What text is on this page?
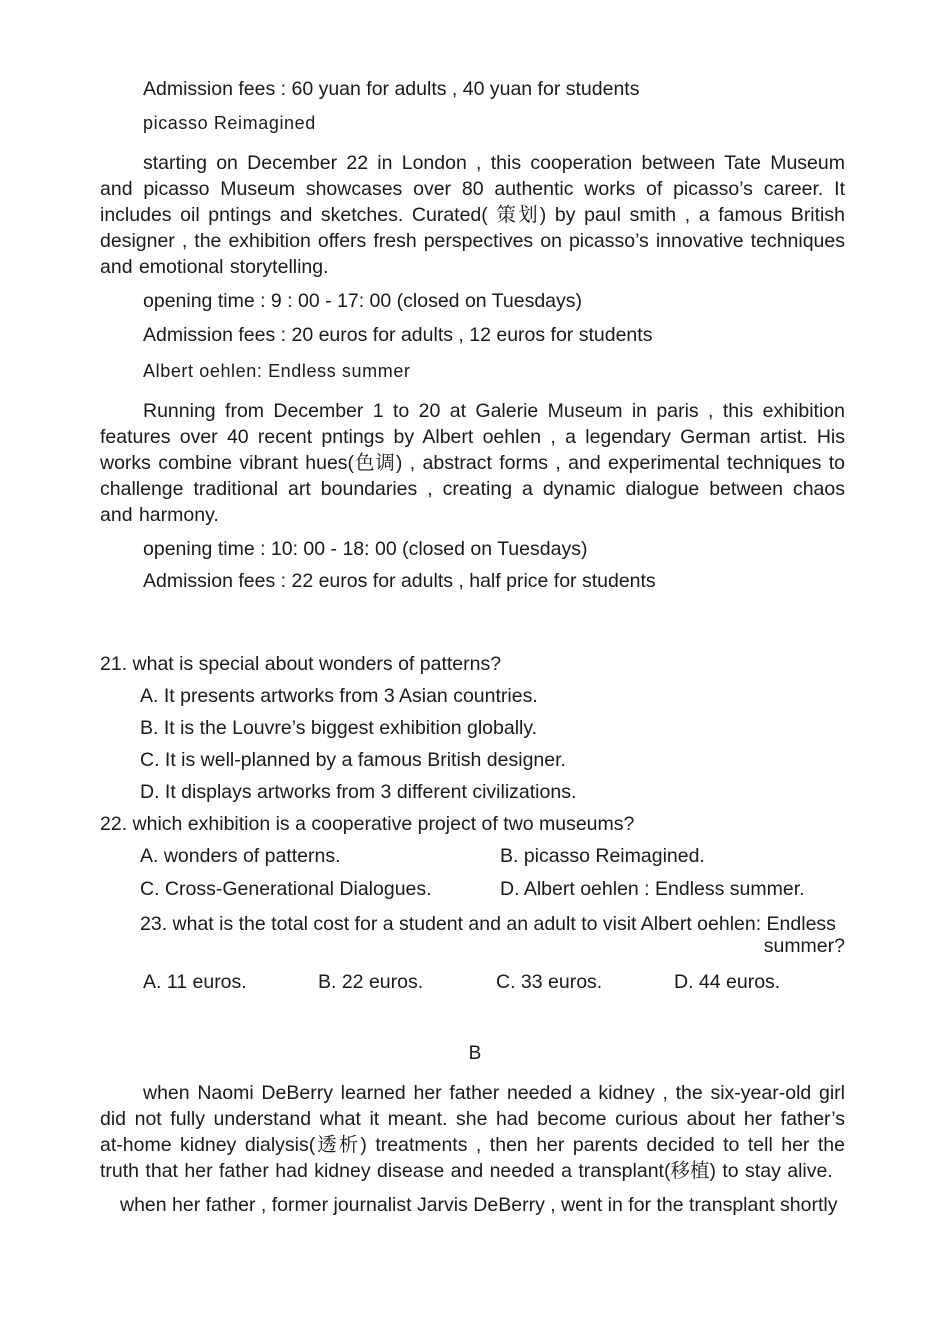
Admission fees : 60 yuan for adults , 40 yuan for students
picasso Reimagined
starting on December 22 in London , this cooperation between Tate Museum and picasso Museum showcases over 80 authentic works of picasso’s career. It includes oil pntings and sketches. Curated( 策划) by paul smith , a famous British designer , the exhibition offers fresh perspectives on picasso’s innovative techniques and emotional storytelling.
opening time : 9 : 00 - 17: 00 (closed on Tuesdays)
Admission fees : 20 euros for adults , 12 euros for students
Albert oehlen: Endless summer
Running from December 1 to 20 at Galerie Museum in paris , this exhibition features over 40 recent pntings by Albert oehlen , a legendary German artist. His works combine vibrant hues(色调) , abstract forms , and experimental techniques to challenge traditional art boundaries , creating a dynamic dialogue between chaos and harmony.
opening time : 10: 00 - 18: 00 (closed on Tuesdays)
Admission fees : 22 euros for adults , half price for students
21. what is special about wonders of patterns?
A. It presents artworks from 3 Asian countries.
B. It is the Louvre’s biggest exhibition globally.
C. It is well-planned by a famous British designer.
D. It displays artworks from 3 different civilizations.
22. which exhibition is a cooperative project of two museums?
A. wonders of patterns.	B. picasso Reimagined.
C. Cross-Generational Dialogues.	D. Albert oehlen : Endless summer.
23. what is the total cost for a student and an adult to visit Albert oehlen: Endless
summer?
A. 11 euros.	B. 22 euros.	C. 33 euros.	D. 44 euros.
B
when Naomi DeBerry learned her father needed a kidney , the six-year-old girl did not fully understand what it meant. she had become curious about her father’s at-home kidney dialysis(透析) treatments , then her parents decided to tell her the truth that her father had kidney disease and needed a transplant(移植) to stay alive.
when her father , former journalist Jarvis DeBerry , went in for the transplant shortly
